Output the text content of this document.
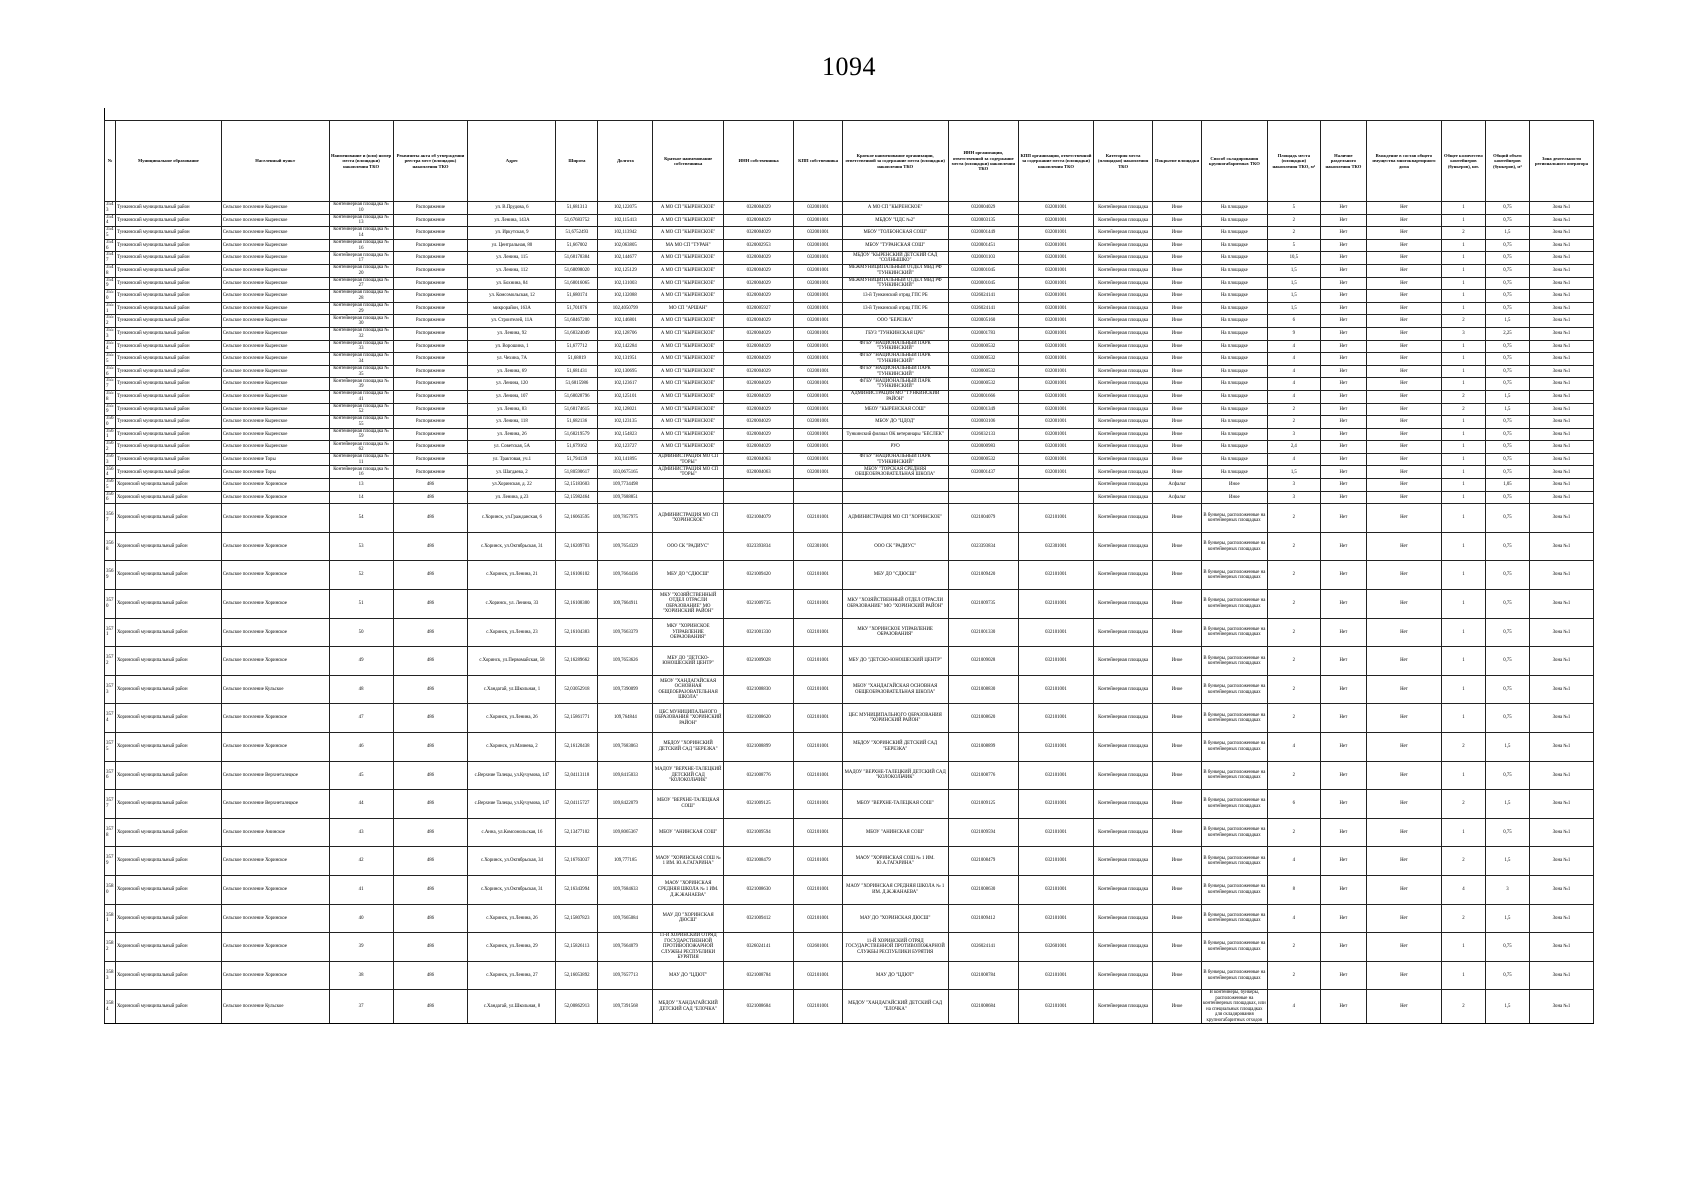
1094
№	Муниципальное образование	Населенный пункт	Наименование и (или) номер места (площадки) накопления ТКО	Реквизиты акта об утверждении реестра мест (площадок) накопления ТКО	Адрес	Широта	Долгота	Краткое наименование собственника	ИНН собственника	КПП собственника	Краткое наименование организации, ответственной за содержание места (площадки) накопления ТКО	ИНН организации, ответственной за содержание места (площадки) накопления ТКО	КПП организации, ответственной за содержание места (площадки) накопления ТКО	Категория места (площадки) накопления ТКО	Покрытие площадки	Способ складирования крупногабаритных ТКО	Площадь места (площадки) накопления ТКО, м²	Наличие раздельного накопления ТКО	Вхождение в состав общего имущества многоквартирного дома	Общее количество контейнеров (бункеров), шт.	Общий объем контейнеров (бункеров), м³	Зона деятельности регионального оператора
3543	Тункинский муниципальный район	Сельское поселение Кыренское	Контейнерная площадка № 10	Распоряжение	ул. В.Прудова, 6	51,681313	102,122075	А МО СП "КЫРЕНСКОЕ"	0320004029	032001001	А МО СП "КЫРЕНСКОЕ"	0320004029	032001001	Контейнерная площадка	Иное	На площадке	5	Нет	Нет	1	0,75	Зона №1
3544	Тункинский муниципальный район	Сельское поселение Кыренское	Контейнерная площадка № 13	Распоряжение	ул. Ленина, 143А	51,67683752	102,115413	А МО СП "КЫРЕНСКОЕ"	0320004029	032001001	МБДОУ "ЦДС №2"	0320003135	032001001	Контейнерная площадка	Иное	На площадке	2	Нет	Нет	1	0,75	Зона №1
3545	Тункинский муниципальный район	Сельское поселение Кыренское	Контейнерная площадка № 14	Распоряжение	ул. Иркутская, 9	51,6752493	102,113942	А МО СП "КЫРЕНСКОЕ"	0320004029	032001001	МБОУ "ТОЛБОНСКАЯ СОШ"	0320001449	032001001	Контейнерная площадка	Иное	На площадке	2	Нет	Нет	2	1,5	Зона №1
3546	Тункинский муниципальный район	Сельское поселение Кыренское	Контейнерная площадка № 16	Распоряжение	ул. Центральная, 80	51,667002	102,063805	МА МО СП "ТУРАН"	0320002953	032001001	МБОУ "ТУРАНСКАЯ СОШ"	0320001451	032001001	Контейнерная площадка	Иное	На площадке	5	Нет	Нет	1	0,75	Зона №1
3547	Тункинский муниципальный район	Сельское поселение Кыренское	Контейнерная площадка № 17	Распоряжение	ул. Ленина, 115	51,68178384	102,144677	А МО СП "КЫРЕНСКОЕ"	0320004029	032001001	МБДОУ "КЫРЕНСКИЙ ДЕТСКИЙ САД "СОЛНЫШКО"	0320001103	032001001	Контейнерная площадка	Иное	На площадке	10,5	Нет	Нет	1	0,75	Зона №1
3548	Тункинский муниципальный район	Сельское поселение Кыренское	Контейнерная площадка № 20	Распоряжение	ул. Ленина, 112	51,68098020	102,125129	А МО СП "КЫРЕНСКОЕ"	0320004029	032001001	МЕЖМУНИЦИПАЛЬНЫЙ ОТДЕЛ МВД РФ "ТУНКИНСКИЙ"	0320001045	032001001	Контейнерная площадка	Иное	На площадке	1,5	Нет	Нет	1	0,75	Зона №1
3549	Тункинский муниципальный район	Сельское поселение Кыренское	Контейнерная площадка № 27	Распоряжение	ул. Бохнина, 84	51,68016065	102,131003	А МО СП "КЫРЕНСКОЕ"	0320004029	032001001	МЕЖМУНИЦИПАЛЬНЫЙ ОТДЕЛ МВД РФ "ТУНКИНСКИЙ"	0320001045	032001001	Контейнерная площадка	Иное	На площадке	1,5	Нет	Нет	1	0,75	Зона №1
3550	Тункинский муниципальный район	Сельское поселение Кыренское	Контейнерная площадка № 28	Распоряжение	ул. Комсомольская, 12	51,680174	102,132088	А МО СП "КЫРЕНСКОЕ"	0320004029	032001001	13-й Тункинский отряд ГПС РБ	0326024141	032001001	Контейнерная площадка	Иное	На площадке	1,5	Нет	Нет	1	0,75	Зона №1
3551	Тункинский муниципальный район	Сельское поселение Кыренское	Контейнерная площадка № 29	Распоряжение	микрорайон, 163А	51,701076	102,4050799	МО СП "АРШАН"	0320005927	032001001	13-й Тункинский отряд ГПС РБ	0326024141	032001001	Контейнерная площадка	Иное	На площадке	1,5	Нет	Нет	1	0,75	Зона №1
3552	Тункинский муниципальный район	Сельское поселение Кыренское	Контейнерная площадка № 30	Распоряжение	ул. Строителей, 11А	51,68467200	102,146801	А МО СП "КЫРЕНСКОЕ"	0320004029	032001001	ООО "БЕРЕЗКА"	0320005160	032001001	Контейнерная площадка	Иное	На площадке	6	Нет	Нет	2	1,5	Зона №1
3553	Тункинский муниципальный район	Сельское поселение Кыренское	Контейнерная площадка № 32	Распоряжение	ул. Ленина, 92	51,68324049	102,128706	А МО СП "КЫРЕНСКОЕ"	0320004029	032001001	ГБУЗ "ТУНКИНСКАЯ ЦРБ"	0320001783	032001001	Контейнерная площадка	Иное	На площадке	9	Нет	Нет	3	2,25	Зона №1
3554	Тункинский муниципальный район	Сельское поселение Кыренское	Контейнерная площадка № 33	Распоряжение	ул. Ворошина, 1	51,677712	102,142284	А МО СП "КЫРЕНСКОЕ"	0320004029	032001001	ФГБУ "НАЦИОНАЛЬНЫЙ ПАРК "ТУНКИНСКИЙ"	0320000532	032001001	Контейнерная площадка	Иное	На площадке	4	Нет	Нет	1	0,75	Зона №1
3555	Тункинский муниципальный район	Сельское поселение Кыренское	Контейнерная площадка № 34	Распоряжение	ул. Чехина, 7А	51,68819	102,131951	А МО СП "КЫРЕНСКОЕ"	0320004029	032001001	ФГБУ "НАЦИОНАЛЬНЫЙ ПАРК "ТУНКИНСКИЙ"	0320000532	032001001	Контейнерная площадка	Иное	На площадке	4	Нет	Нет	1	0,75	Зона №1
3556	Тункинский муниципальный район	Сельское поселение Кыренское	Контейнерная площадка № 35	Распоряжение	ул. Ленина, 69	51,681431	102,130695	А МО СП "КЫРЕНСКОЕ"	0320004029	032001001	ФГБУ "НАЦИОНАЛЬНЫЙ ПАРК "ТУНКИНСКИЙ"	0320000532	032001001	Контейнерная площадка	Иное	На площадке	4	Нет	Нет	1	0,75	Зона №1
3557	Тункинский муниципальный район	Сельское поселение Кыренское	Контейнерная площадка № 39	Распоряжение	ул. Ленина, 120	51,6815986	102,123617	А МО СП "КЫРЕНСКОЕ"	0320004029	032001001	ФГБУ "НАЦИОНАЛЬНЫЙ ПАРК "ТУНКИНСКИЙ"	0320000532	032001001	Контейнерная площадка	Иное	На площадке	4	Нет	Нет	1	0,75	Зона №1
3558	Тункинский муниципальный район	Сельское поселение Кыренское	Контейнерная площадка № 41	Распоряжение	ул. Ленина, 107	51,68028796	102,125101	А МО СП "КЫРЕНСКОЕ"	0320004029	032001001	АДМИНИСТРАЦИЯ МО "ТУНКИНСКИЙ РАЙОН"	0320001666	032001001	Контейнерная площадка	Иное	На площадке	4	Нет	Нет	2	1,5	Зона №1
3559	Тункинский муниципальный район	Сельское поселение Кыренское	Контейнерная площадка № 52	Распоряжение	ул. Ленина, 83	51,68174615	102,128021	А МО СП "КЫРЕНСКОЕ"	0320004029	032001001	МБОУ "КЫРЕНСКАЯ СОШ"	0320001349	032001001	Контейнерная площадка	Иное	На площадке	2	Нет	Нет	2	1,5	Зона №1
3560	Тункинский муниципальный район	Сельское поселение Кыренское	Контейнерная площадка № 55	Распоряжение	ул. Ленина, 118	51,682136	102,123135	А МО СП "КЫРЕНСКОЕ"	0320004029	032001001	МБОУ ДО "ЦДОД"	0320003106	032001001	Контейнерная площадка	Иное	На площадке	2	Нет	Нет	1	0,75	Зона №1
3561	Тункинский муниципальный район	Сельское поселение Кыренское	Контейнерная площадка № 59	Распоряжение	ул. Ленина, 26	51,68219579	102,154823	А МО СП "КЫРЕНСКОЕ"	0320004029	032001001	Тункинский филиал ОК ветеринары "БЕСЛЕК"	0326032133	032001001	Контейнерная площадка	Иное	На площадке	3	Нет	Нет	1	0,75	Зона №1
3562	Тункинский муниципальный район	Сельское поселение Кыренское	Контейнерная площадка № 62	Распоряжение	ул. Советская, 5А	51,679162	102,123727	А МО СП "КЫРЕНСКОЕ"	0320004029	032001001	РУО	0320000983	032001001	Контейнерная площадка	Иное	На площадке	2,4	Нет	Нет	1	0,75	Зона №1
3563	Тункинский муниципальный район	Сельское поселение Торы	Контейнерная площадка № 11	Распоряжение	ул. Трактовая, уч.1	51,794139	103,141895	АДМИНИСТРАЦИЯ МО СП "ТОРЫ"	0320004063	032001001	ФГБУ "НАЦИОНАЛЬНЫЙ ПАРК "ТУНКИНСКИЙ"	0320000532	032001001	Контейнерная площадка	Иное	На площадке	4	Нет	Нет	1	0,75	Зона №1
3564	Тункинский муниципальный район	Сельское поселение Торы	Контейнерная площадка № 16	Распоряжение	ул. Шагдаева, 2	51,80590617	103,0675165	АДМИНИСТРАЦИЯ МО СП "ТОРЫ"	0320004063	032001001	МБОУ "ТОРСКАЯ СРЕДНЯЯ ОБЩЕОБРАЗОВАТЕЛЬНАЯ ШКОЛА"	0320001437	032001001	Контейнерная площадка	Иное	На площадке	1,5	Нет	Нет	1	0,75	Зона №1
3565	Хоринский муниципальный район	Сельское поселение Хоринское	13	486	ул.Хоринская, д. 22	52,15183603	109,7734498							Контейнерная площадка	Асфальт	Иное	3	Нет	Нет	1	1,05	Зона №1
3566	Хоринский муниципальный район	Сельское поселение Хоринское	14	486	ул. Ленина, д.23	52,15982464	109,7688851							Контейнерная площадка	Асфальт	Иное	3	Нет	Нет	1	0,75	Зона №1
3567	Хоринский муниципальный район	Сельское поселение Хоринское	54	486	с.Хоринск, ул.Гражданская, 6	52,16063595	109,7857975	АДМИНИСТРАЦИЯ МО СП "ХОРИНСКОЕ"	0321004079	032101001	АДМИНИСТРАЦИЯ МО СП "ХОРИНСКОЕ"	0321004079	032101001	Контейнерная площадка	Иное	В бункеры, расположенные на контейнерных площадках	2	Нет	Нет	1	0,75	Зона №1
3568	Хоринский муниципальный район	Сельское поселение Хоринское	53	486	с.Хоринск, ул.Октябрьская, 31	52,16209703	109,7654329	ООО СК "РАДИУС"	0323393834	032301001	ООО СК "РАДИУС"	0323393834	032301001	Контейнерная площадка	Иное	В бункеры, расположенные на контейнерных площадках	2	Нет	Нет	1	0,75	Зона №1
3569	Хоринский муниципальный район	Сельское поселение Хоринское	52	486	с.Хоринск, ул.Ленина, 21	52,16106102	109,7664436	МБУ ДО "СДЮСШ"	0321009420	032101001	МБУ ДО "СДЮСШ"	0321009420	032101001	Контейнерная площадка	Иное	В бункеры, расположенные на контейнерных площадках	2	Нет	Нет	1	0,75	Зона №1
3570	Хоринский муниципальный район	Сельское поселение Хоринское	51	486	с.Хоринск, ул. Ленина, 33	52,16108300	109,7664911	МКУ "ХОЗЯЙСТВЕННЫЙ ОТДЕЛ ОТРАСЛИ ОБРАЗОВАНИЕ" МО "ХОРИНСКИЙ РАЙОН"	0321009735	032101001	МКУ "ХОЗЯЙСТВЕННЫЙ ОТДЕЛ ОТРАСЛИ ОБРАЗОВАНИЕ" МО "ХОРИНСКИЙ РАЙОН"	0321009735	032101001	Контейнерная площадка	Иное	В бункеры, расположенные на контейнерных площадках	2	Нет	Нет	1	0,75	Зона №1
3571	Хоринский муниципальный район	Сельское поселение Хоринское	50	486	с.Хоринск, ул.Ленина, 23	52,16104383	109,7663379	МКУ "ХОРИНСКОЕ УПРАВЛЕНИЕ ОБРАЗОВАНИЯ"	0321001330	032101001	МКУ "ХОРИНСКОЕ УПРАВЛЕНИЕ ОБРАЗОВАНИЯ"	0321001330	032101001	Контейнерная площадка	Иное	В бункеры, расположенные на контейнерных площадках	2	Нет	Нет	1	0,75	Зона №1
3572	Хоринский муниципальный район	Сельское поселение Хоринское	49	486	с.Хоринск, ул.Первомайская, 58	52,16289662	109,7653626	МБУ ДО "ДЕТСКО-ЮНОШЕСКИЙ ЦЕНТР"	0321009028	032101001	МБУ ДО "ДЕТСКО-ЮНОШЕСКИЙ ЦЕНТР"	0321009028	032101001	Контейнерная площадка	Иное	В бункеры, расположенные на контейнерных площадках	2	Нет	Нет	1	0,75	Зона №1
3573	Хоринский муниципальный район	Сельское поселение Кульское	48	486	с.Хандагай, ул.Школьная, 1	52,03052918	109,7390099	МБОУ "ХАНДАГАЙСКАЯ ОСНОВНАЯ ОБЩЕОБРАЗОВАТЕЛЬНАЯ ШКОЛА"	0321008830	032101001	МБОУ "ХАНДАГАЙСКАЯ ОСНОВНАЯ ОБЩЕОБРАЗОВАТЕЛЬНАЯ ШКОЛА"	0321008830	032101001	Контейнерная площадка	Иное	В бункеры, расположенные на контейнерных площадках	2	Нет	Нет	1	0,75	Зона №1
3574	Хоринский муниципальный район	Сельское поселение Хоринское	47	486	с.Хоринск, ул.Ленина, 26	52,15861771	109,764844	ЦБС МУНИЦИПАЛЬНОГО ОБРАЗОВАНИЯ "ХОРИНСКИЙ РАЙОН"	0321008620	032101001	ЦБС МУНИЦИПАЛЬНОГО ОБРАЗОВАНИЯ "ХОРИНСКИЙ РАЙОН"	0321008620	032101001	Контейнерная площадка	Иное	В бункеры, расположенные на контейнерных площадках	2	Нет	Нет	1	0,75	Зона №1
3575	Хоринский муниципальный район	Сельское поселение Хоринское	46	486	с.Хоринск, ул.Мачнева, 2	52,16120438	109,7683063	МБДОУ "ХОРИНСКИЙ ДЕТСКИЙ САД "БЕРЕЗКА"	0321008899	032101001	МБДОУ "ХОРИНСКИЙ ДЕТСКИЙ САД "БЕРЕЗКА"	0321008899	032101001	Контейнерная площадка	Иное	В бункеры, расположенные на контейнерных площадках	4	Нет	Нет	2	1,5	Зона №1
3576	Хоринский муниципальный район	Сельское поселение Верхнеталецкое	45	486	с.Верхние Талецы, ул.Кучумова, 147	52,04113118	109,8415033	МАДОУ "ВЕРХНЕ-ТАЛЕЦКИЙ ДЕТСКИЙ САД "КОЛОКОЛЬЧИК"	0321008776	032101001	МАДОУ "ВЕРХНЕ-ТАЛЕЦКИЙ ДЕТСКИЙ САД "КОЛОКОЛЬЧИК"	0321008776	032101001	Контейнерная площадка	Иное	В бункеры, расположенные на контейнерных площадках	2	Нет	Нет	1	0,75	Зона №1
3577	Хоринский муниципальный район	Сельское поселение Верхнеталецкое	44	486	с.Верхние Талецы, ул.Кучумова, 147	52,04115727	109,8422079	МБОУ "ВЕРХНЕ-ТАЛЕЦКАЯ СОШ"	0321009125	032101001	МБОУ "ВЕРХНЕ-ТАЛЕЦКАЯ СОШ"	0321009125	032101001	Контейнерная площадка	Иное	В бункеры, расположенные на контейнерных площадках	6	Нет	Нет	2	1,5	Зона №1
3578	Хоринский муниципальный район	Сельское поселение Анинское	43	486	с.Анна, ул.Комсомольская, 16	52,13477102	109,8065367	МБОУ "АНИНСКАЯ СОШ"	0321009594	032101001	МБОУ "АНИНСКАЯ СОШ"	0321009594	032101001	Контейнерная площадка	Иное	В бункеры, расположенные на контейнерных площадках	2	Нет	Нет	1	0,75	Зона №1
3579	Хоринский муниципальный район	Сельское поселение Хоринское	42	486	с.Хоринск, ул.Октябрьская, 34	52,16763037	109,777185	МАОУ "ХОРИНСКАЯ СОШ № 1 ИМ. Ю.А.ГАГАРИНА"	0321008479	032101001	МАОУ "ХОРИНСКАЯ СОШ № 1 ИМ. Ю.А.ГАГАРИНА"	0321008479	032101001	Контейнерная площадка	Иное	В бункеры, расположенные на контейнерных площадках	4	Нет	Нет	2	1,5	Зона №1
3580	Хоринский муниципальный район	Сельское поселение Хоринское	41	486	с.Хоринск, ул.Октябрьская, 31	52,16343994	109,7684633	МАОУ "ХОРИНСКАЯ СРЕДНЯЯ ШКОЛА № 1 ИМ. Д.Ж.ЖАНАЕВА"	0321008630	032101001	МАОУ "ХОРИНСКАЯ СРЕДНЯЯ ШКОЛА № 1 ИМ. Д.Ж.ЖАНАЕВА"	0321008630	032101001	Контейнерная площадка	Иное	В бункеры, расположенные на контейнерных площадках	8	Нет	Нет	4	3	Зона №1
3581	Хоринский муниципальный район	Сельское поселение Хоринское	40	486	с.Хоринск, ул.Ленина, 26	52,15807823	109,7665084	МАУ ДО "ХОРИНСКАЯ ДЮСШ"	0321009412	032101001	МАУ ДО "ХОРИНСКАЯ ДЮСШ"	0321009412	032101001	Контейнерная площадка	Иное	В бункеры, расположенные на контейнерных площадках	4	Нет	Нет	2	1,5	Зона №1
3582	Хоринский муниципальный район	Сельское поселение Хоринское	39	486	с.Хоринск, ул.Ленина, 29	52,15826113	109,7664079	11-Й ХОРИНСКИЙ ОТРЯД ГОСУДАРСТВЕННОЙ ПРОТИВОПОЖАРНОЙ СЛУЖБЫ РЕСПУБЛИКИ БУРЯТИЯ	0326024141	032601001	11-Й ХОРИНСКИЙ ОТРЯД ГОСУДАРСТВЕННОЙ ПРОТИВОПОЖАРНОЙ СЛУЖБЫ РЕСПУБЛИКИ БУРЯТИЯ	0326024141	032601001	Контейнерная площадка	Иное	В бункеры, расположенные на контейнерных площадках	2	Нет	Нет	1	0,75	Зона №1
3583	Хоринский муниципальный район	Сельское поселение Хоринское	38	486	с.Хоринск, ул.Ленина, 27	52,16053892	109,7657713	МАУ ДО "ЦДЮТ"	0321008784	032101001	МАУ ДО "ЦДЮТ"	0321008784	032101001	Контейнерная площадка	Иное	В бункеры, расположенные на контейнерных площадках	2	Нет	Нет	1	0,75	Зона №1
3584	Хоринский муниципальный район	Сельское поселение Кульское	37	486	с.Хандагай, ул.Школьная, 8	52,00862913	109,7391568	МБДОУ "ХАНДАГАЙСКИЙ ДЕТСКИЙ САД "ЕЛОЧКА"	0321008684	032101001	МБДОУ "ХАНДАГАЙСКИЙ ДЕТСКИЙ САД "ЕЛОЧКА"	0321008684	032101001	Контейнерная площадка	Иное	В контейнеры, бункеры, расположенные на контейнерных площадках, или на специальных площадках для складирования крупногабаритных отходов	4	Нет	Нет	2	1,5	Зона №1
